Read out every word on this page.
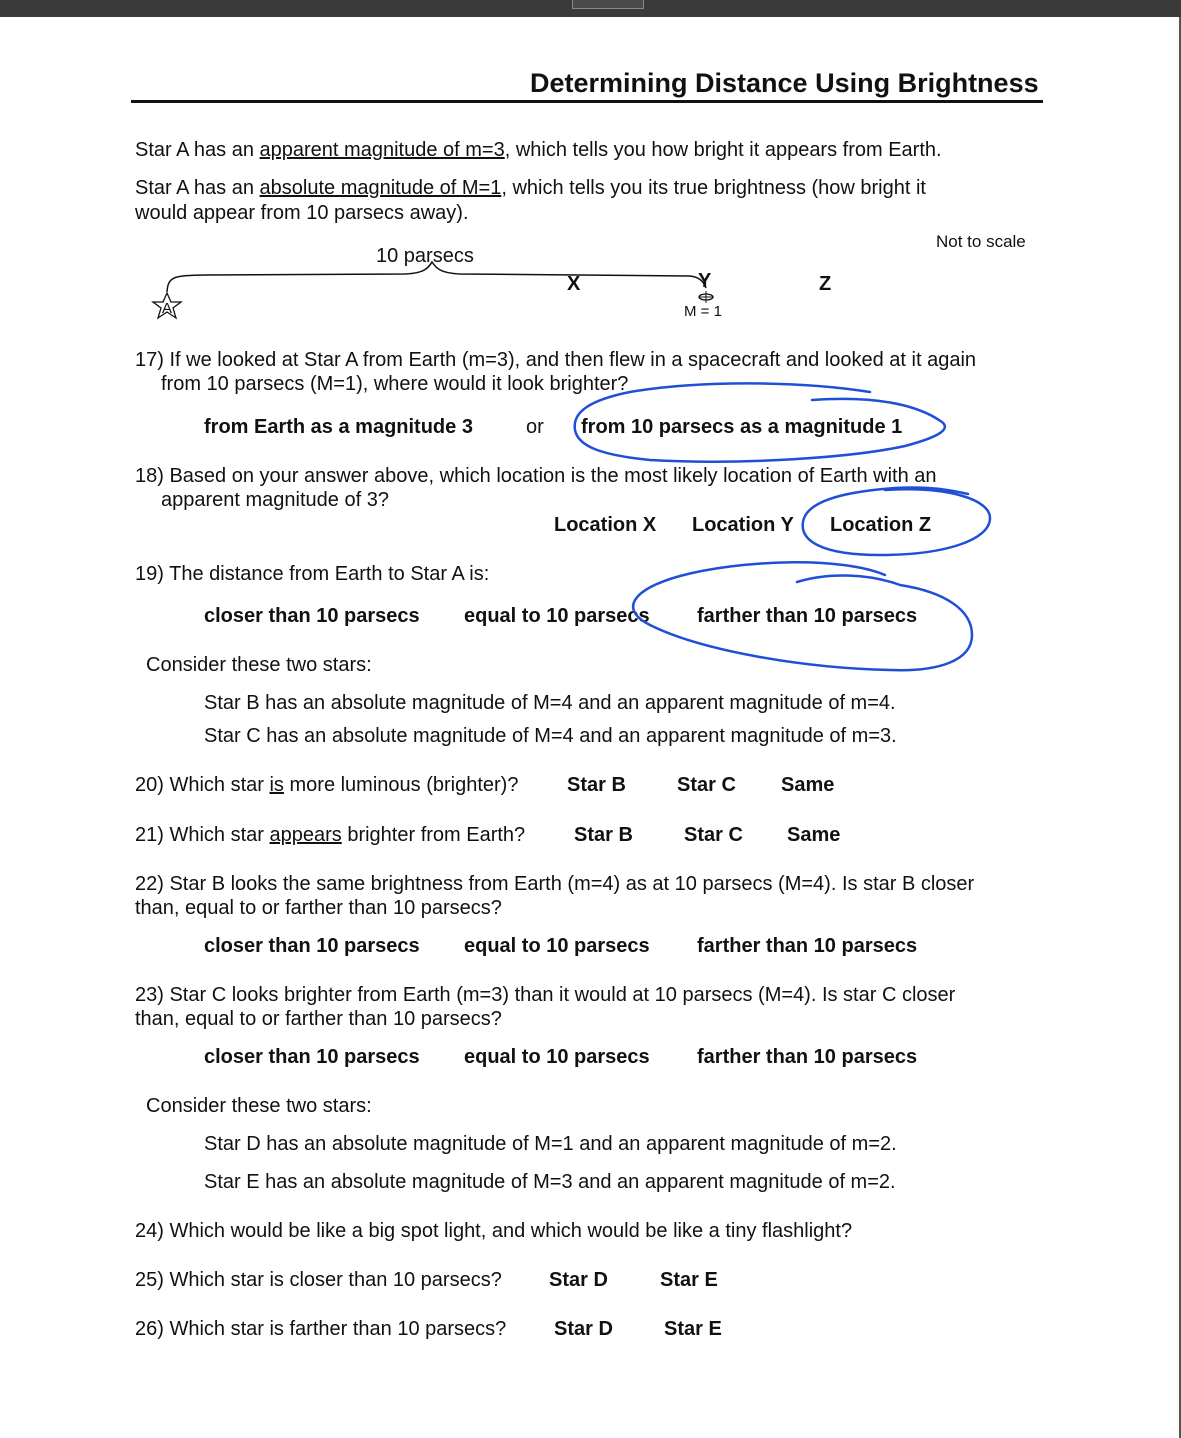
Determining Distance Using Brightness
Star A has an apparent magnitude of m=3, which tells you how bright it appears from Earth.
Star A has an absolute magnitude of M=1, which tells you its true brightness (how bright it
would appear from 10 parsecs away).
Not to scale
10 parsecs
A
X	Y	Z
M = 1
17) If we looked at Star A from Earth (m=3), and then flew in a spacecraft and looked at it again
from 10 parsecs (M=1), where would it look brighter?
from Earth as a magnitude 3	or from 10 parsecs as a magnitude 1
18) Based on your answer above, which location is the most likely location of Earth with an
apparent magnitude of 3?
Location X Location Y Location Z
19) The distance from Earth to Star A is:
closer than 10 parsecs equal to 10 parsecs farther than 10 parsecs
Consider these two stars:
Star B has an absolute magnitude of M=4 and an apparent magnitude of m=4.
Star C has an absolute magnitude of M=4 and an apparent magnitude of m=3.
20) Which star is more luminous (brighter)? Star B	Star C Same
21) Which star appears brighter from Earth? Star B	Star C Same
22) Star B looks the same brightness from Earth (m=4) as at 10 parsecs (M=4). Is star B closer
than, equal to or farther than 10 parsecs?
closer than 10 parsecs equal to 10 parsecs farther than 10 parsecs
23) Star C looks brighter from Earth (m=3) than it would at 10 parsecs (M=4). Is star C closer
than, equal to or farther than 10 parsecs?
closer than 10 parsecs equal to 10 parsecs farther than 10 parsecs
Consider these two stars:
Star D has an absolute magnitude of M=1 and an apparent magnitude of m=2.
Star E has an absolute magnitude of M=3 and an apparent magnitude of m=2.
24) Which would be like a big spot light, and which would be like a tiny flashlight?
25) Which star is closer than 10 parsecs? Star D	Star E
26) Which star is farther than 10 parsecs? Star D	Star E
